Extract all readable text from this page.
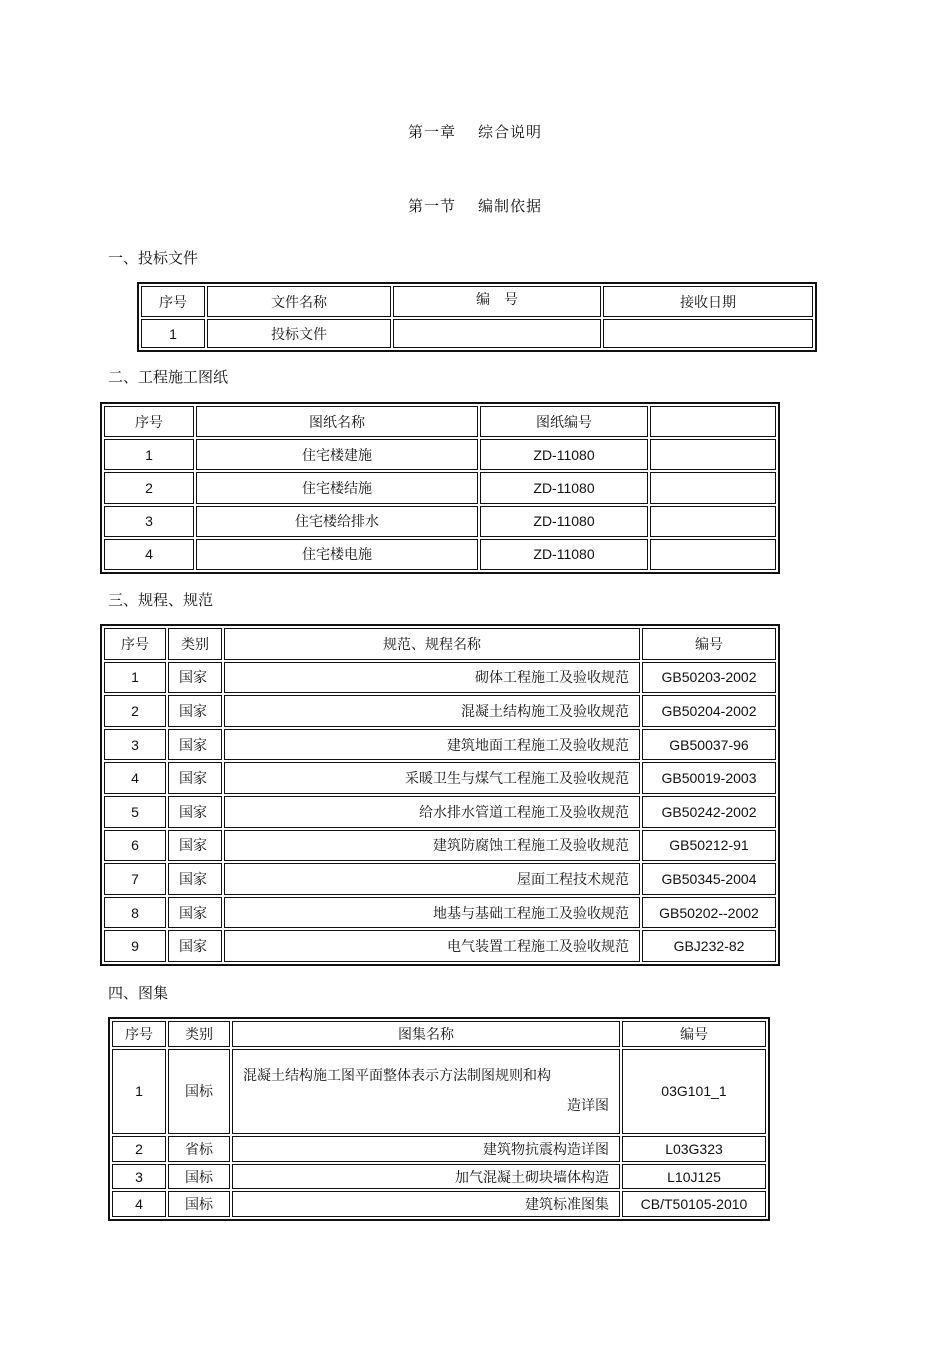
第一章 综合说明
第一节 编制依据
一、投标文件
序号	文件名称	编　号	接收日期
1	投标文件		
二、工程施工图纸
序号	图纸名称	图纸编号	
1	住宅楼建施	ZD-11080	
2	住宅楼结施	ZD-11080	
3	住宅楼给排水	ZD-11080	
4	住宅楼电施	ZD-11080	
三、规程、规范
序号	类别	规范、规程名称	编号
1	国家	砌体工程施工及验收规范	GB50203-2002
2	国家	混凝土结构施工及验收规范	GB50204-2002
3	国家	建筑地面工程施工及验收规范	GB50037-96
4	国家	采暖卫生与煤气工程施工及验收规范	GB50019-2003
5	国家	给水排水管道工程施工及验收规范	GB50242-2002
6	国家	建筑防腐蚀工程施工及验收规范	GB50212-91
7	国家	屋面工程技术规范	GB50345-2004
8	国家	地基与基础工程施工及验收规范	GB50202--2002
9	国家	电气装置工程施工及验收规范	GBJ232-82
四、图集
序号	类别	图集名称	编号
1	国标	混凝土结构施工图平面整体表示方法制图规则和构
造详图	03G101_1
2	省标	建筑物抗震构造详图	L03G323
3	国标	加气混凝土砌块墙体构造	L10J125
4	国标	建筑标准图集	CB/T50105-2010
